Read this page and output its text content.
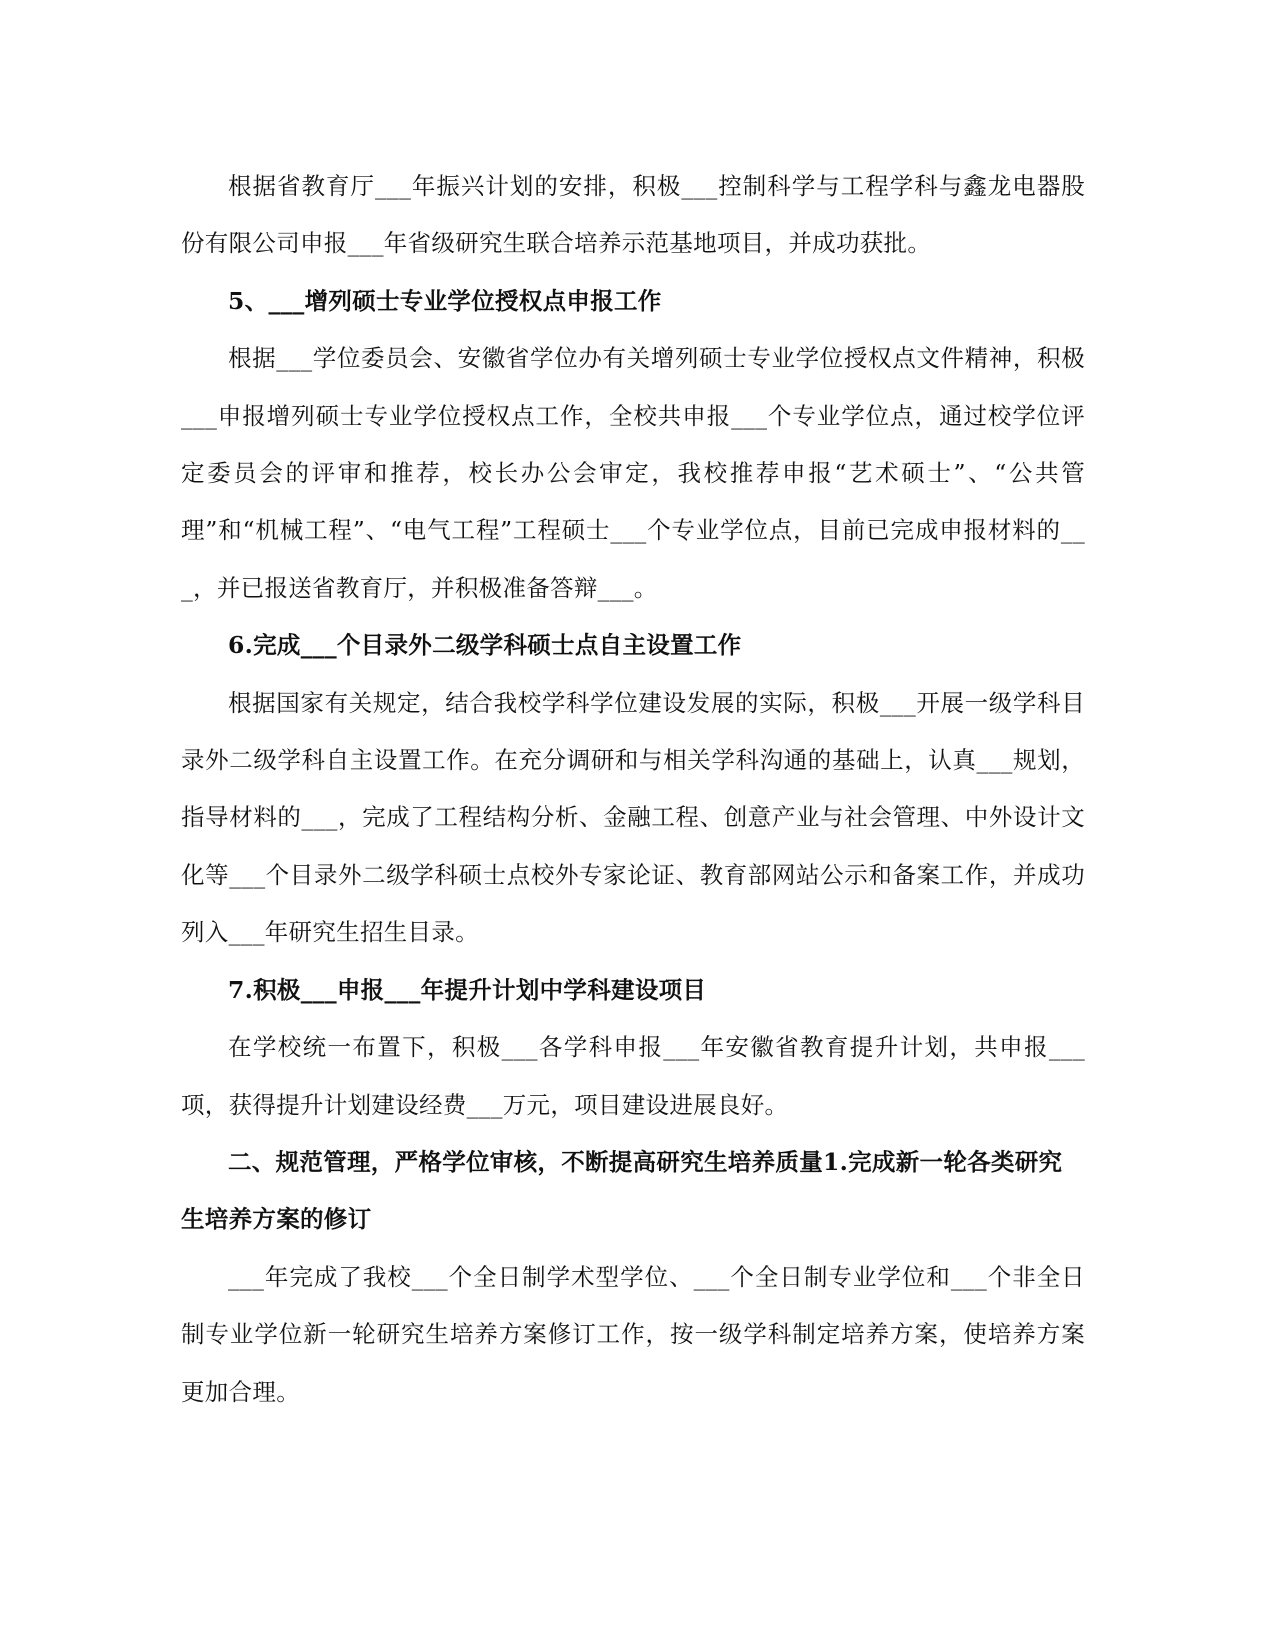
根据省教育厅___年振兴计划的安排，积极___控制科学与工程学科与鑫龙电器股份有限公司申报___年省级研究生联合培养示范基地项目，并成功获批。

5、___增列硕士专业学位授权点申报工作

根据___学位委员会、安徽省学位办有关增列硕士专业学位授权点文件精神，积极___申报增列硕士专业学位授权点工作，全校共申报___个专业学位点，通过校学位评定委员会的评审和推荐，校长办公会审定，我校推荐申报“艺术硕士”、“公共管理”和“机械工程”、“电气工程”工程硕士___个专业学位点，目前已完成申报材料的___，并已报送省教育厅，并积极准备答辩___。

6.完成___个目录外二级学科硕士点自主设置工作

根据国家有关规定，结合我校学科学位建设发展的实际，积极___开展一级学科目录外二级学科自主设置工作。在充分调研和与相关学科沟通的基础上，认真___规划，指导材料的___，完成了工程结构分析、金融工程、创意产业与社会管理、中外设计文化等___个目录外二级学科硕士点校外专家论证、教育部网站公示和备案工作，并成功列入___年研究生招生目录。

7.积极___申报___年提升计划中学科建设项目

在学校统一布置下，积极___各学科申报___年安徽省教育提升计划，共申报___项，获得提升计划建设经费___万元，项目建设进展良好。

二、规范管理，严格学位审核，不断提高研究生培养质量1.完成新一轮各类研究生培养方案的修订

___年完成了我校___个全日制学术型学位、___个全日制专业学位和___个非全日制专业学位新一轮研究生培养方案修订工作，按一级学科制定培养方案，使培养方案更加合理。
